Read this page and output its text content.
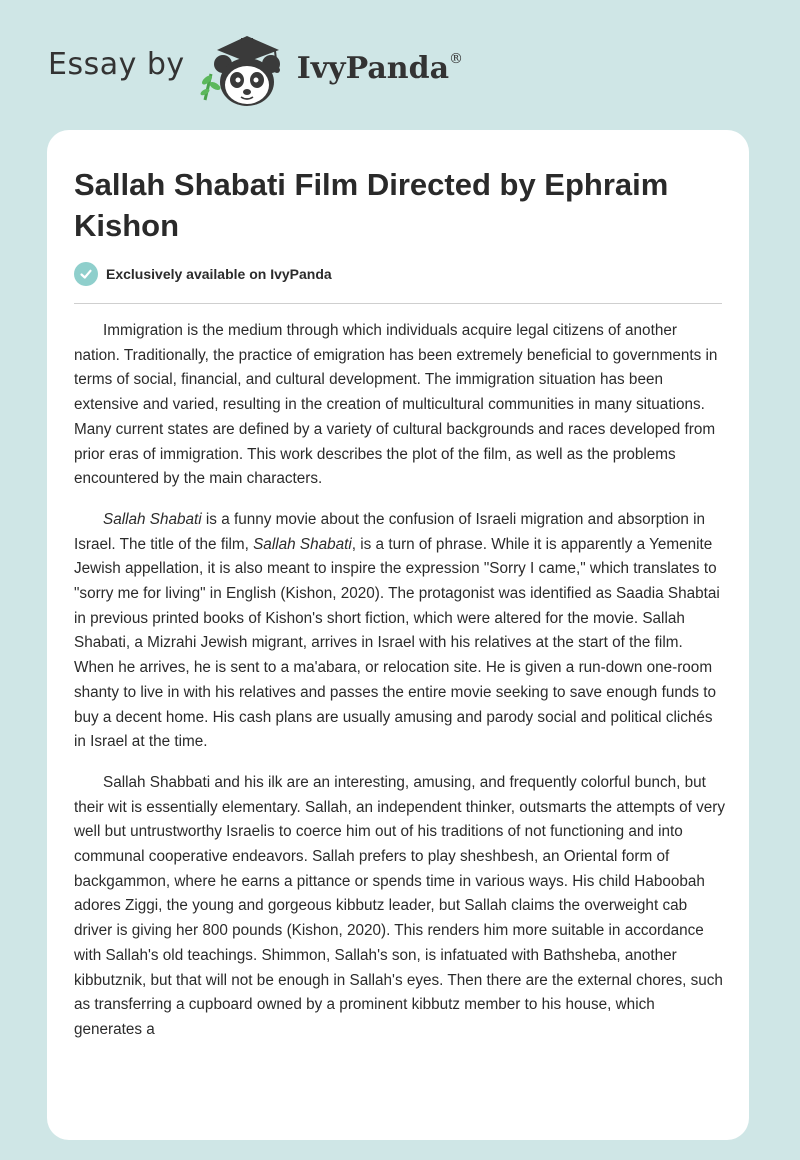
Essay by	IvyPanda®
Sallah Shabati Film Directed by Ephraim Kishon
Exclusively available on IvyPanda

Immigration is the medium through which individuals acquire legal citizens of another nation. Traditionally, the practice of emigration has been extremely beneficial to governments in terms of social, financial, and cultural development. The immigration situation has been extensive and varied, resulting in the creation of multicultural communities in many situations. Many current states are defined by a variety of cultural backgrounds and races developed from prior eras of immigration. This work describes the plot of the film, as well as the problems encountered by the main characters.

Sallah Shabati is a funny movie about the confusion of Israeli migration and absorption in Israel. The title of the film, Sallah Shabati, is a turn of phrase. While it is apparently a Yemenite Jewish appellation, it is also meant to inspire the expression "Sorry I came," which translates to "sorry me for living" in English (Kishon, 2020). The protagonist was identified as Saadia Shabtai in previous printed books of Kishon's short fiction, which were altered for the movie. Sallah Shabati, a Mizrahi Jewish migrant, arrives in Israel with his relatives at the start of the film. When he arrives, he is sent to a ma'abara, or relocation site. He is given a run-down one-room shanty to live in with his relatives and passes the entire movie seeking to save enough funds to buy a decent home. His cash plans are usually amusing and parody social and political clichés in Israel at the time.

Sallah Shabbati and his ilk are an interesting, amusing, and frequently colorful bunch, but their wit is essentially elementary. Sallah, an independent thinker, outsmarts the attempts of very well but untrustworthy Israelis to coerce him out of his traditions of not functioning and into communal cooperative endeavors. Sallah prefers to play sheshbesh, an Oriental form of backgammon, where he earns a pittance or spends time in various ways. His child Haboobah adores Ziggi, the young and gorgeous kibbutz leader, but Sallah claims the overweight cab driver is giving her 800 pounds (Kishon, 2020). This renders him more suitable in accordance with Sallah's old teachings. Shimmon, Sallah's son, is infatuated with Bathsheba, another kibbutznik, but that will not be enough in Sallah's eyes. Then there are the external chores, such as transferring a cupboard owned by a prominent kibbutz member to his house, which generates a
